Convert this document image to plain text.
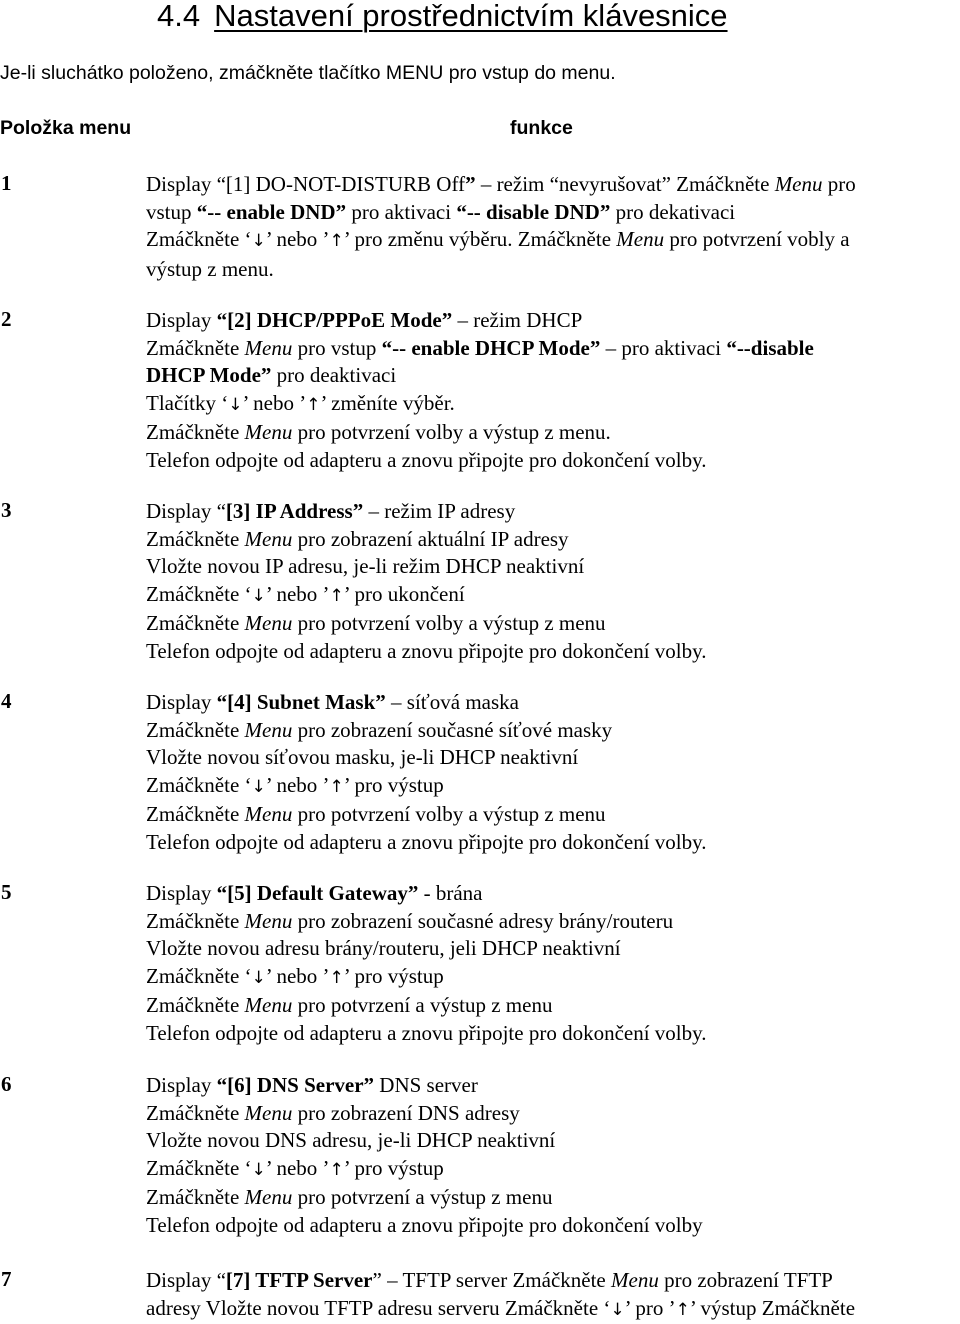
4.4 Nastavení prostřednictvím klávesnice

Je-li sluchátko položeno, zmáčkněte tlačítko MENU pro vstup do menu.

Položka menu	funkce
1	Display “[1] DO-NOT-DISTURB Off” – režim “nevyrušovat” Zmáčkněte Menu pro
vstup “-- enable DND” pro aktivaci “-- disable DND” pro dekativaci
Zmáčkněte ‘↓’ nebo ’↑’ pro změnu výběru. Zmáčkněte Menu pro potvrzení vobly a
výstup z menu.
2	Display “[2] DHCP/PPPoE Mode” – režim DHCP
Zmáčkněte Menu pro vstup “-- enable DHCP Mode” – pro aktivaci “--disable
DHCP Mode” pro deaktivaci
Tlačítky ‘↓’ nebo ’↑’ změníte výběr.
Zmáčkněte Menu pro potvrzení volby a výstup z menu.
Telefon odpojte od adapteru a znovu připojte pro dokončení volby.
3	Display “[3] IP Address” – režim IP adresy
Zmáčkněte Menu pro zobrazení aktuální IP adresy
Vložte novou IP adresu, je-li režim DHCP neaktivní
Zmáčkněte ‘↓’ nebo ’↑’ pro ukončení
Zmáčkněte Menu pro potvrzení volby a výstup z menu
Telefon odpojte od adapteru a znovu připojte pro dokončení volby.
4	Display “[4] Subnet Mask” – síťová maska
Zmáčkněte Menu pro zobrazení současné síťové masky
Vložte novou síťovou masku, je-li DHCP neaktivní
Zmáčkněte ‘↓’ nebo ’↑’ pro výstup
Zmáčkněte Menu pro potvrzení volby a výstup z menu
Telefon odpojte od adapteru a znovu připojte pro dokončení volby.
5	Display “[5] Default Gateway” - brána
Zmáčkněte Menu pro zobrazení současné adresy brány/routeru
Vložte novou adresu brány/routeru, jeli DHCP neaktivní
Zmáčkněte ‘↓’ nebo ’↑’ pro výstup
Zmáčkněte Menu pro potvrzení a výstup z menu
Telefon odpojte od adapteru a znovu připojte pro dokončení volby.
6	Display “[6] DNS Server” DNS server
Zmáčkněte Menu pro zobrazení DNS adresy
Vložte novou DNS adresu, je-li DHCP neaktivní
Zmáčkněte ‘↓’ nebo ’↑’ pro výstup
Zmáčkněte Menu pro potvrzení a výstup z menu
Telefon odpojte od adapteru a znovu připojte pro dokončení volby
7	Display “[7] TFTP Server” – TFTP server Zmáčkněte Menu pro zobrazení TFTP
adresy Vložte novou TFTP adresu serveru Zmáčkněte ‘↓’ pro ’↑’ výstup Zmáčkněte
